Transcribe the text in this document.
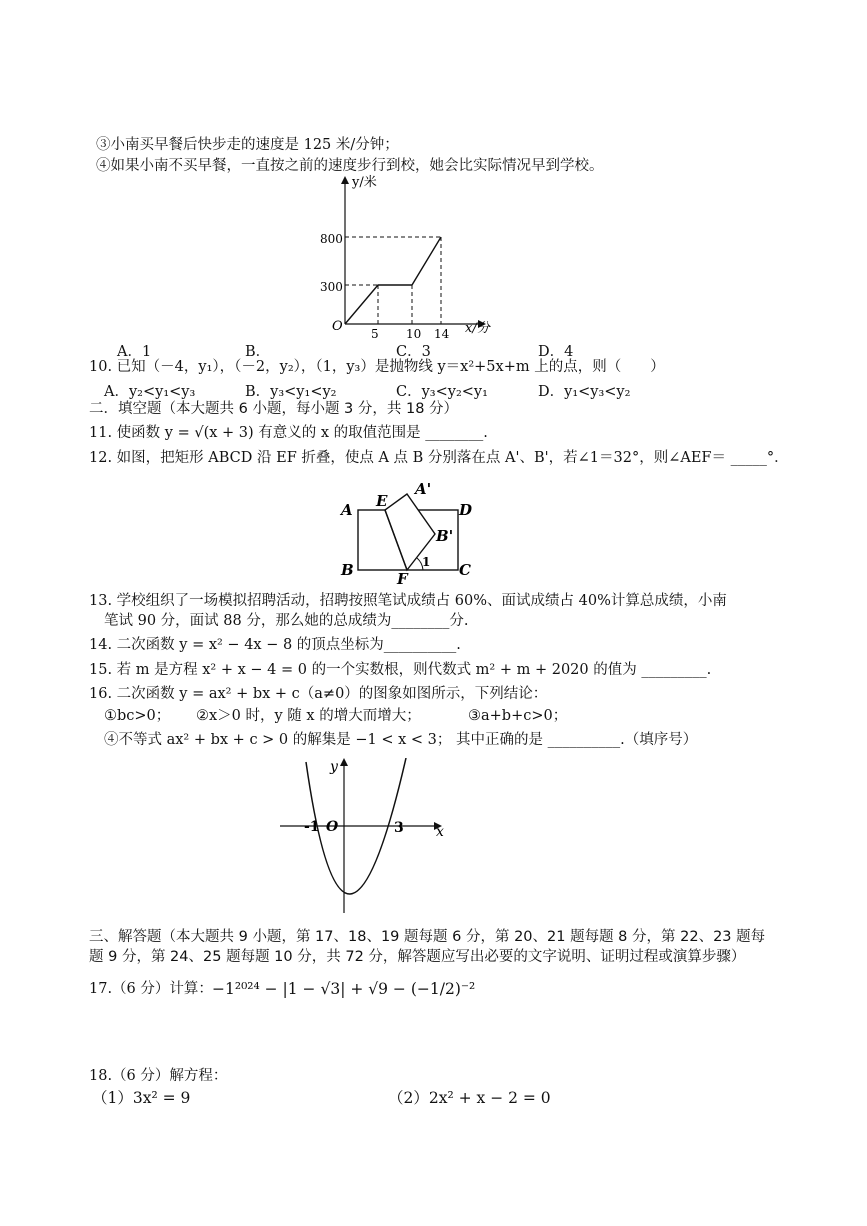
③小南买早餐后快步走的速度是 125 米/分钟；
④如果小南不买早餐，一直按之前的速度步行到校，她会比实际情况早到学校。
y/米
x/分
O
800
300
5 10 14
A．1	B．	C．3	D．4
10. 已知（－4，y₁），（－2，y₂），（1，y₃）是抛物线 y＝x²+5x+m 上的点，则（　　）
A．y₂<y₁<y₃	B．y₃<y₁<y₂	C．y₃<y₂<y₁	D．y₁<y₃<y₂
二．填空题（本大题共 6 小题，每小题 3 分，共 18 分）
11. 使函数 y = √(x + 3) 有意义的 x 的取值范围是 ________.
12. 如图，把矩形 ABCD 沿 EF 折叠，使点 A 点 B 分别落在点 A'、B'，若∠1＝32°，则∠AEF＝ _____°．
A E
A'
D
B'
B	F
1 C
13. 学校组织了一场模拟招聘活动，招聘按照笔试成绩占 60%、面试成绩占 40%计算总成绩，小南
笔试 90 分，面试 88 分，那么她的总成绩为________分.
14. 二次函数 y = x² − 4x − 8 的顶点坐标为__________.
15. 若 m 是方程 x² + x − 4 = 0 的一个实数根，则代数式 m² + m + 2020 的值为 _________.
16. 二次函数 y = ax² + bx + c（a≠0）的图象如图所示，下列结论：
①bc>0； ②x＞0 时，y 随 x 的增大而增大；	③a+b+c>0；
④不等式 ax² + bx + c > 0 的解集是 −1 < x < 3； 其中正确的是 __________.（填序号）
y
x
-1 O	3
三、解答题（本大题共 9 小题，第 17、18、19 题每题 6 分，第 20、21 题每题 8 分，第 22、23 题每
题 9 分，第 24、25 题每题 10 分，共 72 分，解答题应写出必要的文字说明、证明过程或演算步骤）
17.（6 分）计算： −1²⁰²⁴ − |1 − √3| + √9 − (−1/2)⁻²
18.（6 分）解方程：
（1）3x² = 9	（2）2x² + x − 2 = 0
